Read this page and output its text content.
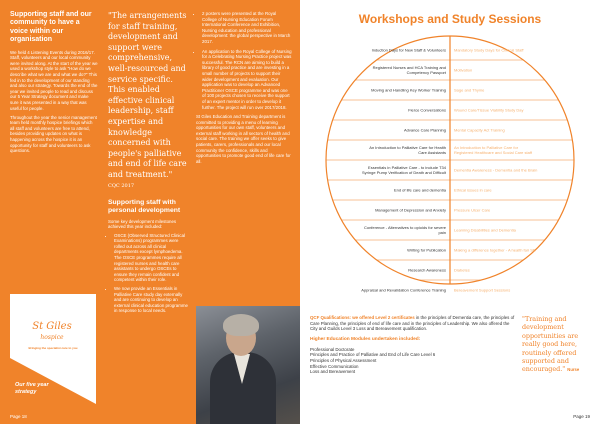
Supporting staff and our community to have a voice within our organisation

We held 4 Listening Events during 2016/17. Staff, volunteers and our local community were invited along. At the start of the year we used a workshop style to ask "How do we describe what we are and what we do?" This fed in to the development of our standing and also our strategy. Towards the end of the year we invited people to read and discuss our 5 Year Strategy document and make sure it was presented in a way that was useful for people.

Throughout the year the senior management team held monthly hospice briefings which all staff and volunteers are free to attend, besides providing updates on what is happening across the hospice it is an opportunity for staff and volunteers to ask questions.

St Giles
hospice
Bringing the specialist care to you
Our five year
strategy
"The arrangements for staff training, development and support were comprehensive, well-resourced and service specific. This enabled effective clinical leadership, staff expertise and knowledge concerned with people's palliative and end of life care and treatment."
CQC 2017
Supporting staff with personal development

Some key development milestones achieved this year included:

• OSCE (Observed Structured Clinical Examinations) programmes were rolled out across all clinical departments except lymphoedema. The OSCE programmes require all registered nurses and health care assistants to undergo OSCEs to ensure they remain confident and competent within their role.
• We now provide an Essentials in Palliative Care study day externally and are continuing to develop an external clinical education programme in response to local needs.
• 2 posters were presented at the Royal College of Nursing Education Forum International Conference and Exhibition, Nursing education and professional development: the global perspective in March 2017.
• An application to the Royal College of Nursing for a Celebrating Nursing Practice project was successful. The RCN are aiming to build a library of good practice and are investing in a small number of projects to support their wider development and evaluation. Our application was to develop an Advanced Practitioner OSCE programme and was one of 100 projects chosen to receive the support of an expert mentor in order to develop it further. The project will run over 2017/2018.

St Giles Education and Training department is committed to providing a menu of learning opportunities for our own staff, volunteers and external staff working in all sectors of health and social care. The training we offer seeks to give patients, carers, professionals and our local community the confidence, skills and opportunities to promote good end of life care for all.

Page 18
Workshops and Study Sessions
Induction Days for New Staff & Volunteers Mandatory Study Days for Clinical Staff
Registered Nurses and HCA Training and Competency Passport Motivation
Moving and Handling Key Worker Training Sage and Thyme
Fierce Conversations Wound Care/Tissue Viability Study Day
Advance Care Planning Mental Capacity Act Training
An Introduction to Palliative Care for Health Care Assistants
An Introduction to Palliative Care for Registered Healthcare and Social Care staff
Essentials in Palliative Care - to include T34 Syringe Pump Verification of Death and Difficult Dementia Awareness - Dementia and the Brain
End of life care and dementia Ethical issues in care
Management of Depression and Anxiety Pressure Ulcer Care
Conference - Alternatives to opioids for severe pain Learning Disabilities and Dementia
Writing for Publication Making a difference together - A health fair SB
Research Awareness Diabetes
Appraisal and Revalidation Conference Training Bereavement Support Sessions

QCF Qualifications: we offered Level 2 certificates in the principles of Dementia care, the principles of Care Planning, the principles of end of life care and in the principles of Leadership. We also offered the City and Guilds Level 3 Loss and Bereavement qualification.

Higher Education Modules undertaken included:
Professional Doctorate
Principles and Practice of Palliative and End of Life Care Level 6
Principles of Physical Assessment
Effective Communication
Loss and Bereavement
"Training and development opportunities are really good here, routinely offered supported and encouraged." Nurse
Page 19
